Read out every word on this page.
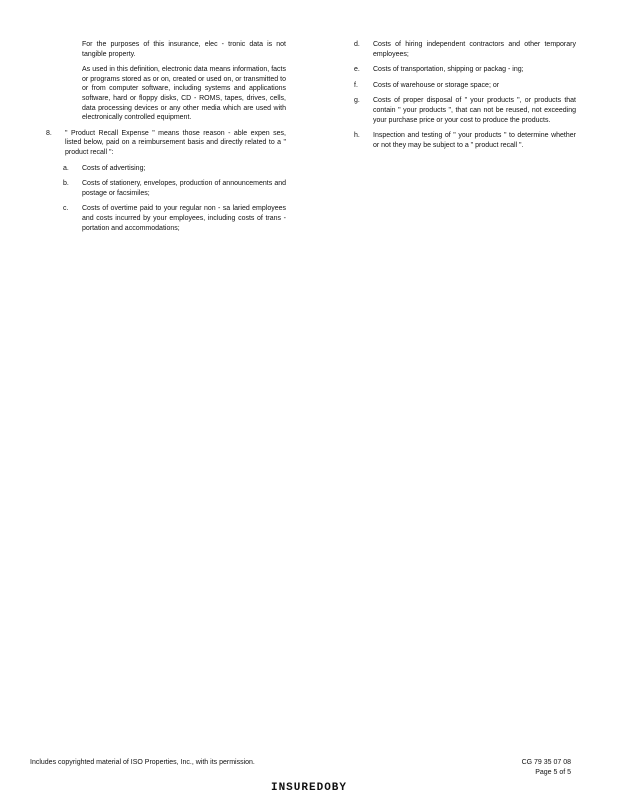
For the purposes of this insurance, elec - tronic data is not tangible property.

As used in this definition, electronic data means information, facts or programs stored as or on, created or used on, or transmitted to or from computer software, including systems and applications software, hard or floppy disks, CD - ROMS, tapes, drives, cells, data processing devices or any other media which are used with electronically controlled equipment.

8.	" Product Recall Expense " means those reason - able expen ses, listed below, paid on a reimbursement basis and directly related to a " product recall ":
a.	Costs of advertising;
b.	Costs of stationery, envelopes, production of announcements and postage or facsimiles;
c.	Costs of overtime paid to your regular non - sa laried employees and costs incurred by your employees, including costs of trans - portation and accommodations;
d.	Costs of hiring independent contractors and other temporary employees;
e.	Costs of transportation, shipping or packag - ing;
f.	Costs of warehouse or storage space; or
g.	Costs of proper disposal of " your products ", or products that contain " your products ", that can not be reused, not exceeding your purchase price or your cost to produce the products.
h.	Inspection and testing of " your products " to determine whether or not they may be subject to a " product recall ".
Includes copyrighted material of ISO Properties, Inc., with its permission.	CG 79 35 07 08
Page 5 of 5
INSUREDOBY
